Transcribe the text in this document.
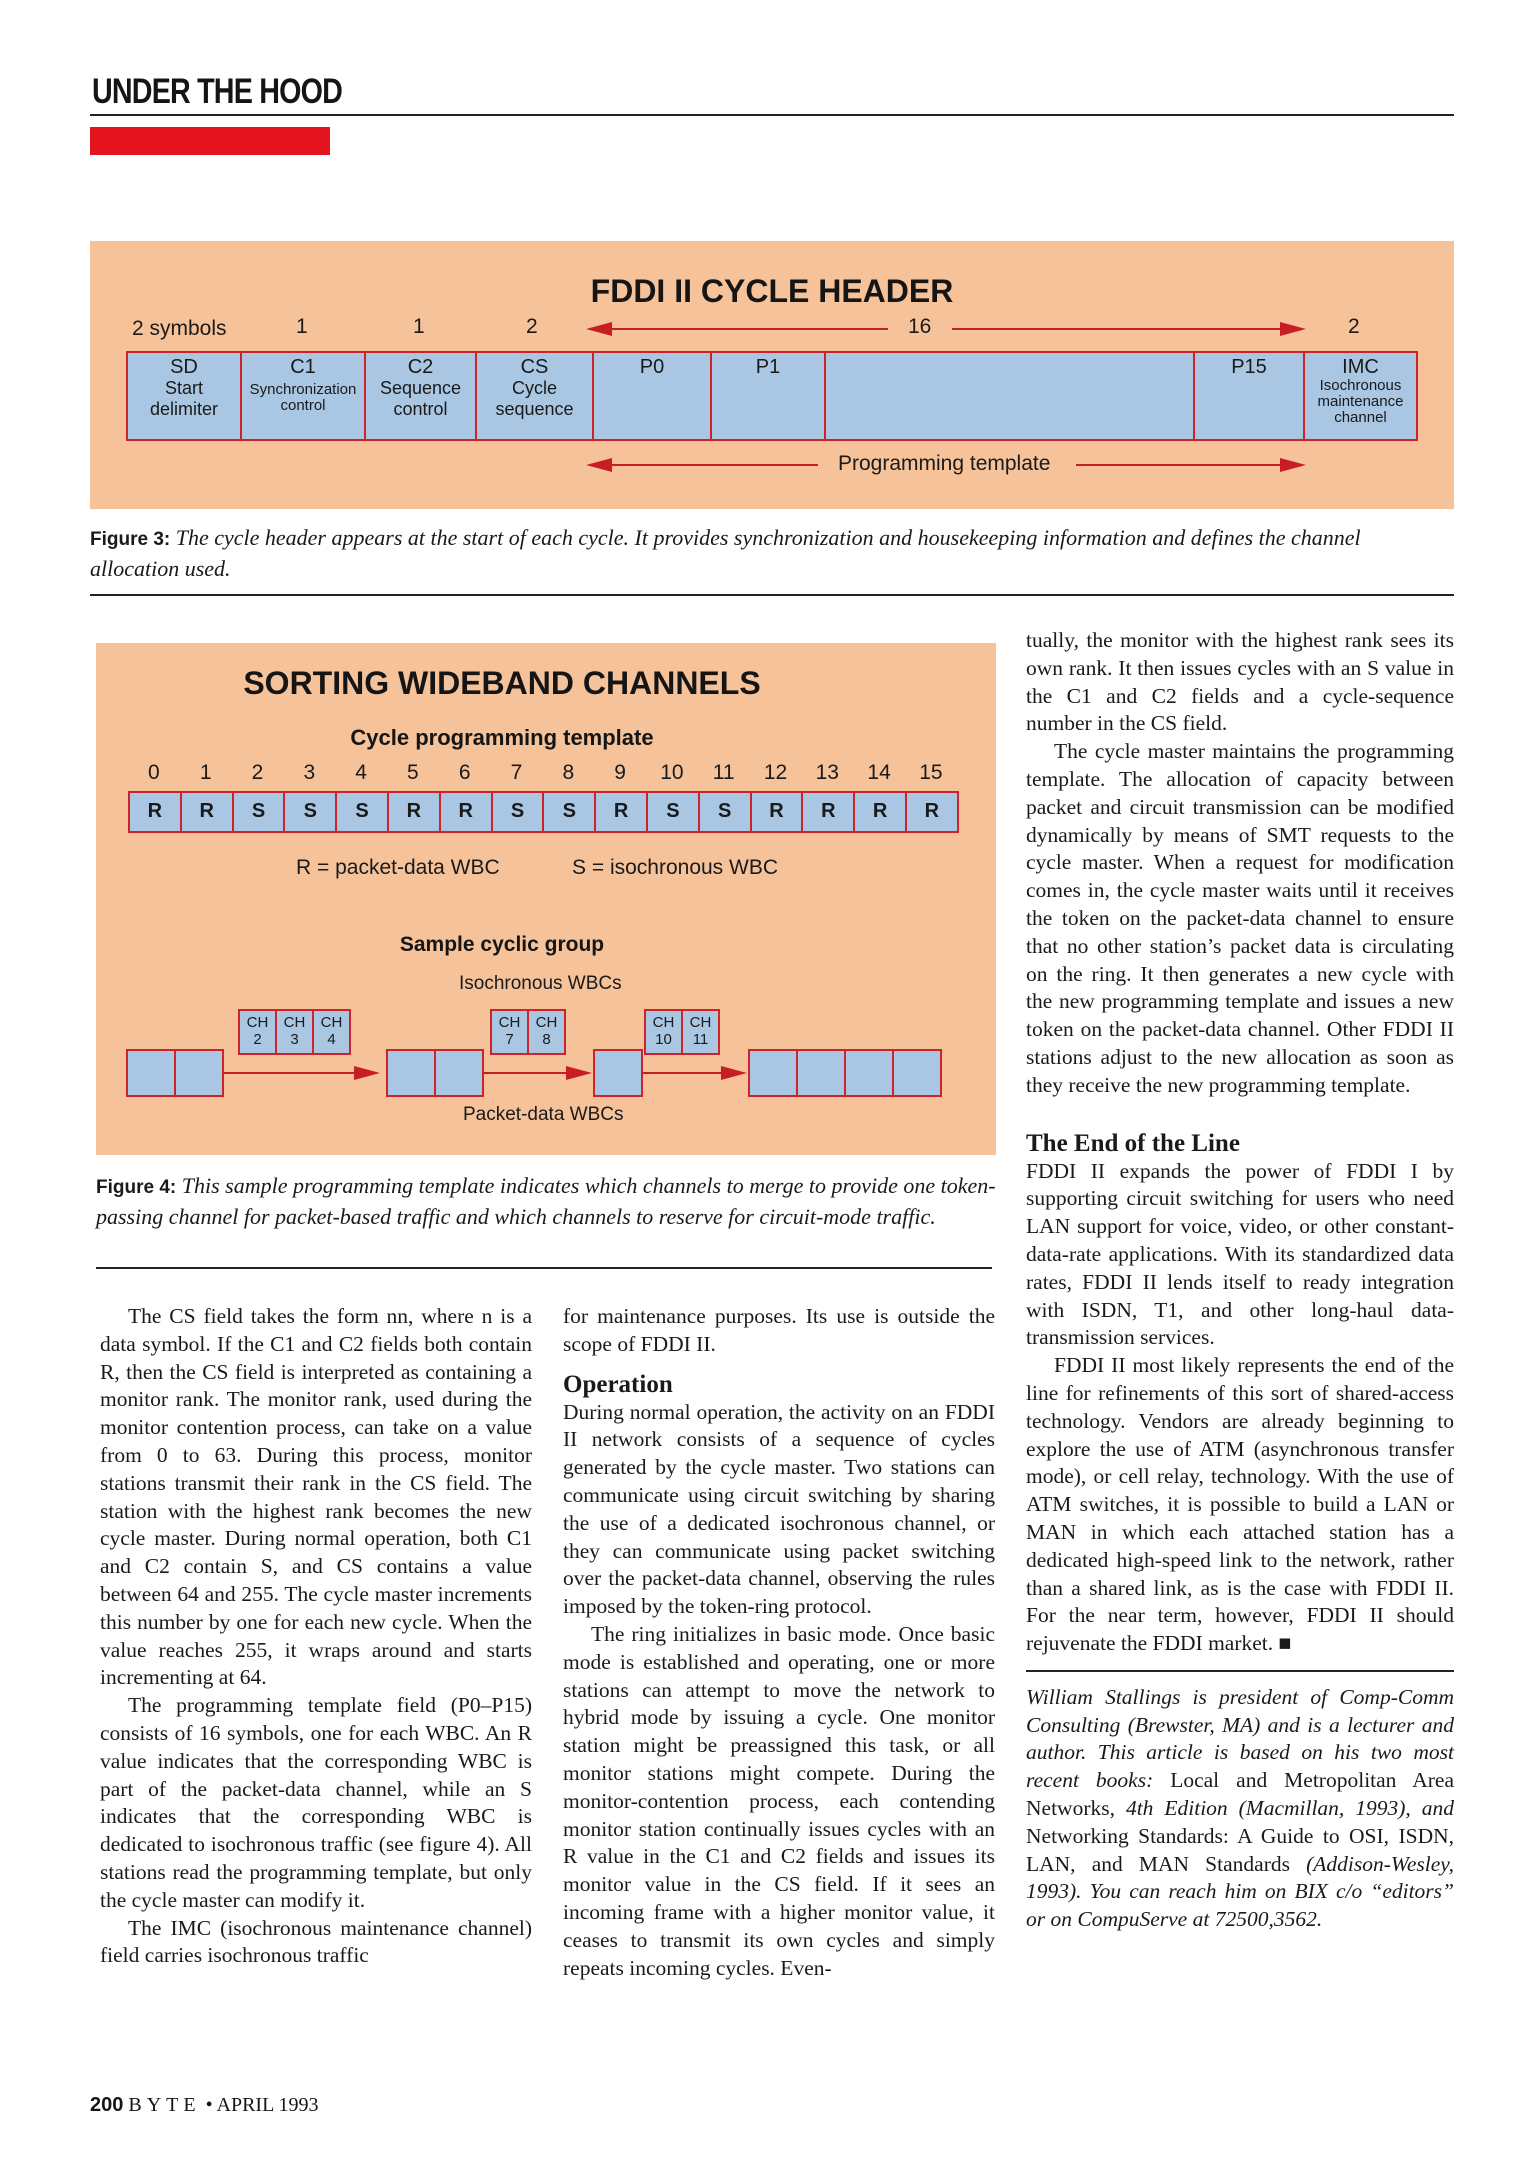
UNDER THE HOOD
FDDI II CYCLE HEADER
2 symbols	1	1	2	16	2
SD
Start delimiter
C1
Synchronization control
C2
Sequence control
CS
Cycle sequence
P0	P1	P15	IMC
Isochronous maintenance channel
Programming template
Figure 3: The cycle header appears at the start of each cycle. It provides synchronization and housekeeping information and defines the channel allocation used.
SORTING WIDEBAND CHANNELS
Cycle programming template
0	1	2	3	4	5	6	7	8	9	10	11	12	13	14	15
R	R	S	S	S	R	R	S	S	R	S	S	R	R	R	R
R = packet-data WBC	S = isochronous WBC
Sample cyclic group
Isochronous WBCs
CH
2
CH
3
CH
4
CH
7
CH
8
CH
10
CH
11
Packet-data WBCs
Figure 4: This sample programming template indicates which channels to merge to provide one token-passing channel for packet-based traffic and which channels to reserve for circuit-mode traffic.

The CS field takes the form nn, where n is a data symbol. If the C1 and C2 fields both contain R, then the CS field is interpreted as containing a monitor rank. The monitor rank, used during the monitor contention process, can take on a value from 0 to 63. During this process, monitor stations transmit their rank in the CS field. The station with the highest rank becomes the new cycle master. During normal operation, both C1 and C2 contain S, and CS contains a value between 64 and 255. The cycle master increments this number by one for each new cycle. When the value reaches 255, it wraps around and starts incrementing at 64.

The programming template field (P0–P15) consists of 16 symbols, one for each WBC. An R value indicates that the corresponding WBC is part of the packet-data channel, while an S indicates that the corresponding WBC is dedicated to isochronous traffic (see figure 4). All stations read the programming template, but only the cycle master can modify it.

The IMC (isochronous maintenance channel) field carries isochronous traffic

for maintenance purposes. Its use is outside the scope of FDDI II.

Operation

During normal operation, the activity on an FDDI II network consists of a sequence of cycles generated by the cycle master. Two stations can communicate using circuit switching by sharing the use of a dedicated isochronous channel, or they can communicate using packet switching over the packet-data channel, observing the rules imposed by the token-ring protocol.

The ring initializes in basic mode. Once basic mode is established and operating, one or more stations can attempt to move the network to hybrid mode by issuing a cycle. One monitor station might be preassigned this task, or all monitor stations might compete. During the monitor-contention process, each contending monitor station continually issues cycles with an R value in the C1 and C2 fields and issues its monitor value in the CS field. If it sees an incoming frame with a higher monitor value, it ceases to transmit its own cycles and simply repeats incoming cycles. Even-

tually, the monitor with the highest rank sees its own rank. It then issues cycles with an S value in the C1 and C2 fields and a cycle-sequence number in the CS field.

The cycle master maintains the programming template. The allocation of capacity between packet and circuit transmission can be modified dynamically by means of SMT requests to the cycle master. When a request for modification comes in, the cycle master waits until it receives the token on the packet-data channel to ensure that no other station’s packet data is circulating on the ring. It then generates a new cycle with the new programming template and issues a new token on the packet-data channel. Other FDDI II stations adjust to the new allocation as soon as they receive the new programming template.

The End of the Line

FDDI II expands the power of FDDI I by supporting circuit switching for users who need LAN support for voice, video, or other constant-data-rate applications. With its standardized data rates, FDDI II lends itself to ready integration with ISDN, T1, and other long-haul data-transmission services.

FDDI II most likely represents the end of the line for refinements of this sort of shared-access technology. Vendors are already beginning to explore the use of ATM (asynchronous transfer mode), or cell relay, technology. With the use of ATM switches, it is possible to build a LAN or MAN in which each attached station has a dedicated high-speed link to the network, rather than a shared link, as is the case with FDDI II. For the near term, however, FDDI II should rejuvenate the FDDI market. ■

William Stallings is president of Comp-Comm Consulting (Brewster, MA) and is a lecturer and author. This article is based on his two most recent books: Local and Metropolitan Area Networks, 4th Edition (Macmillan, 1993), and Networking Standards: A Guide to OSI, ISDN, LAN, and MAN Standards (Addison-Wesley, 1993). You can reach him on BIX c/o “editors” or on CompuServe at 72500,3562.

200 BYTE • APRIL 1993
